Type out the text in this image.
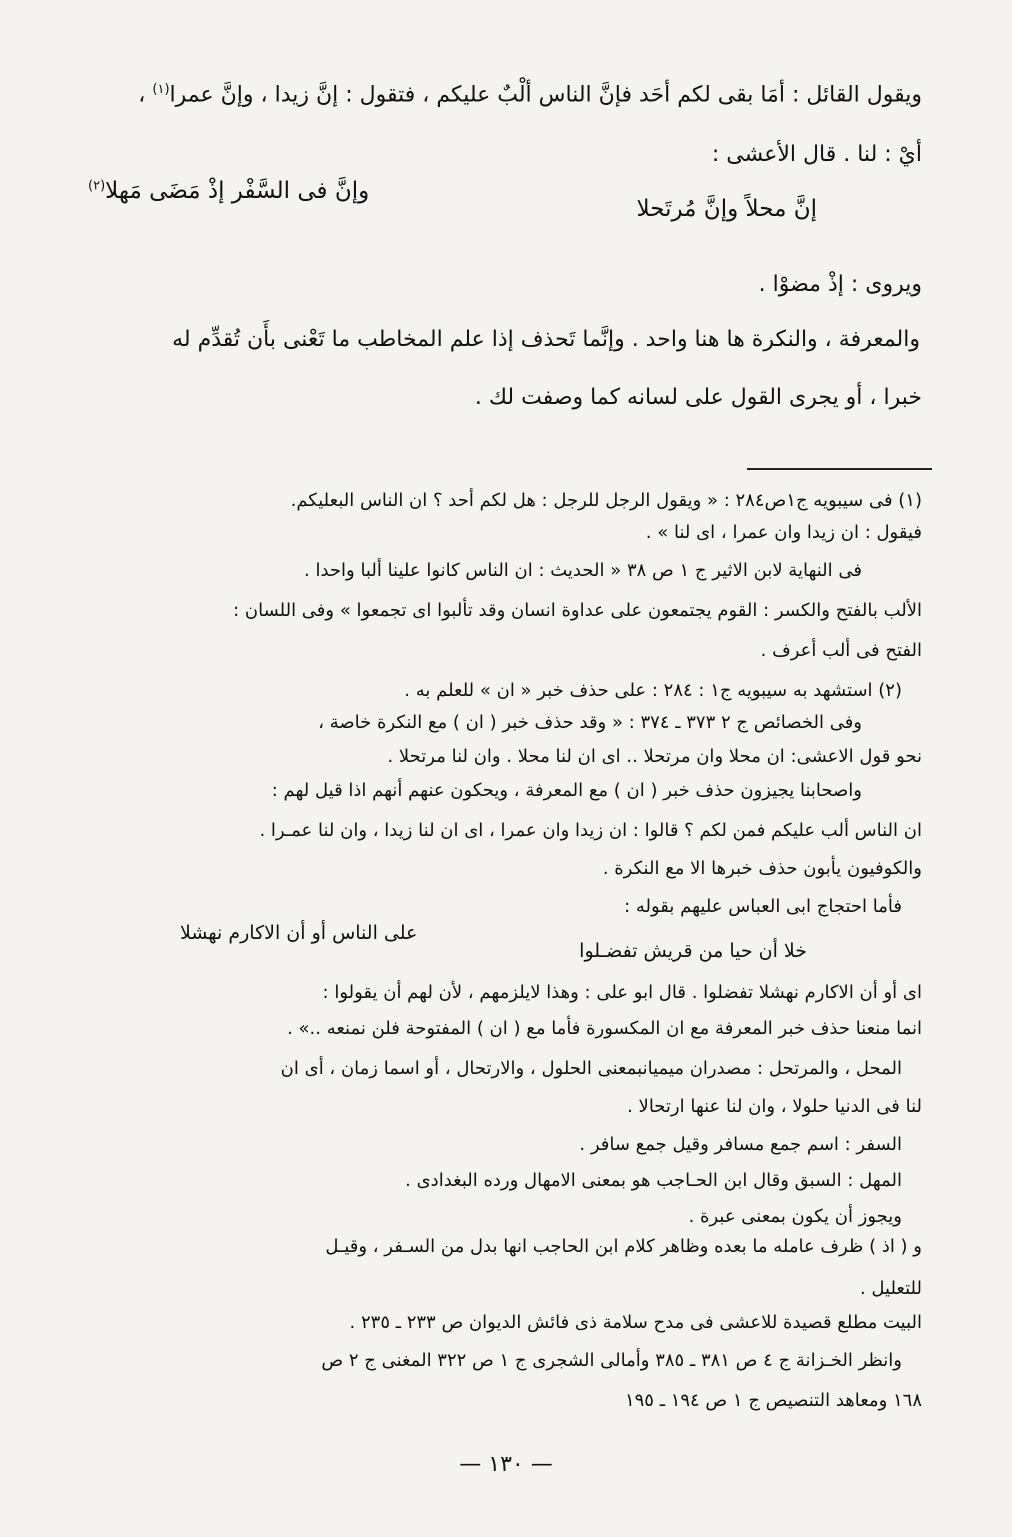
ويقول القائل : أمَا بقى لكم أحَد فإنَّ الناس ألْبٌ عليكم ، فتقول : إنَّ زيدا ، وإنَّ عمرا$^{(١)}$ ،
أيْ : لنا . قال الأعشى :
إنَّ محلاً وإنَّ مُرتَحلا
وإنَّ فى السَّفْر إذْ مَضَى مَهلا$^{(٢)}$
ويروى : إذْ مضوْا .
والمعرفة ، والنكرة ها هنا واحد . وإنَّما تَحذف إذا علم المخاطب ما تَعْنى بأَن تُقدِّم له
خبرا ، أو يجرى القول على لسانه كما وصفت لك .
(١) فى سيبويه ج١ص٢٨٤ : « ويقول الرجل للرجل : هل لكم أحد ؟ ان الناس البعليكم.
فيقول : ان زيدا وان عمرا ، اى لنا » .
فى النهاية لابن الاثير ج ١ ص ٣٨ « الحديث : ان الناس كانوا علينا ألبا واحدا .
الألب بالفتح والكسر : القوم يجتمعون على عداوة انسان وقد تألبوا اى تجمعوا » وفى اللسان :
الفتح فى ألب أعرف .
(٢) استشهد به سيبويه ج١ : ٢٨٤ : على حذف خبر « ان » للعلم به .
وفى الخصائص ج ٢ ٣٧٣ ـ ٣٧٤ : « وقد حذف خبر ( ان ) مع النكرة خاصة ،
نحو قول الاعشى: ان محلا وان مرتحلا .. اى ان لنا محلا . وان لنا مرتحلا .
واصحابنا يجيزون حذف خبر ( ان ) مع المعرفة ، ويحكون عنهم أنهم اذا قيل لهم :
ان الناس ألب عليكم فمن لكم ؟ قالوا : ان زيدا وان عمرا ، اى ان لنا زيدا ، وان لنا عمـرا .
والكوفيون يأبون حذف خبرها الا مع النكرة .
فأما احتجاج ابى العباس عليهم بقوله :
خلا أن حيا من قريش تفضـلوا
على الناس أو أن الاكارم نهشلا
اى أو أن الاكارم نهشلا تفضلوا . قال ابو على : وهذا لايلزمهم ، لأن لهم أن يقولوا :
انما منعنا حذف خبر المعرفة مع ان المكسورة فأما مع ( ان ) المفتوحة فلن نمنعه ..» .
المحل ، والمرتحل : مصدران ميميانبمعنى الحلول ، والارتحال ، أو اسما زمان ، أى ان
لنا فى الدنيا حلولا ، وان لنا عنها ارتحالا .
السفر : اسم جمع مسافر وقيل جمع سافر .
المهل : السبق وقال ابن الحـاجب هو بمعنى الامهال ورده البغدادى .
ويجوز أن يكون بمعنى عبرة .
و ( اذ ) ظرف عامله ما بعده وظاهر كلام ابن الحاجب انها بدل من السـفر ، وقيـل
للتعليل .
البيت مطلع قصيدة للاعشى فى مدح سلامة ذى فائش الديوان ص ٢٣٣ ـ ٢٣٥ .
وانظر الخـزانة ج ٤ ص ٣٨١ ـ ٣٨٥ وأمالى الشجرى ج ١ ص ٣٢٢ المغنى ج ٢ ص
١٦٨ ومعاهد التنصيص ج ١ ص ١٩٤ ـ ١٩٥
— ١٣٠ —
